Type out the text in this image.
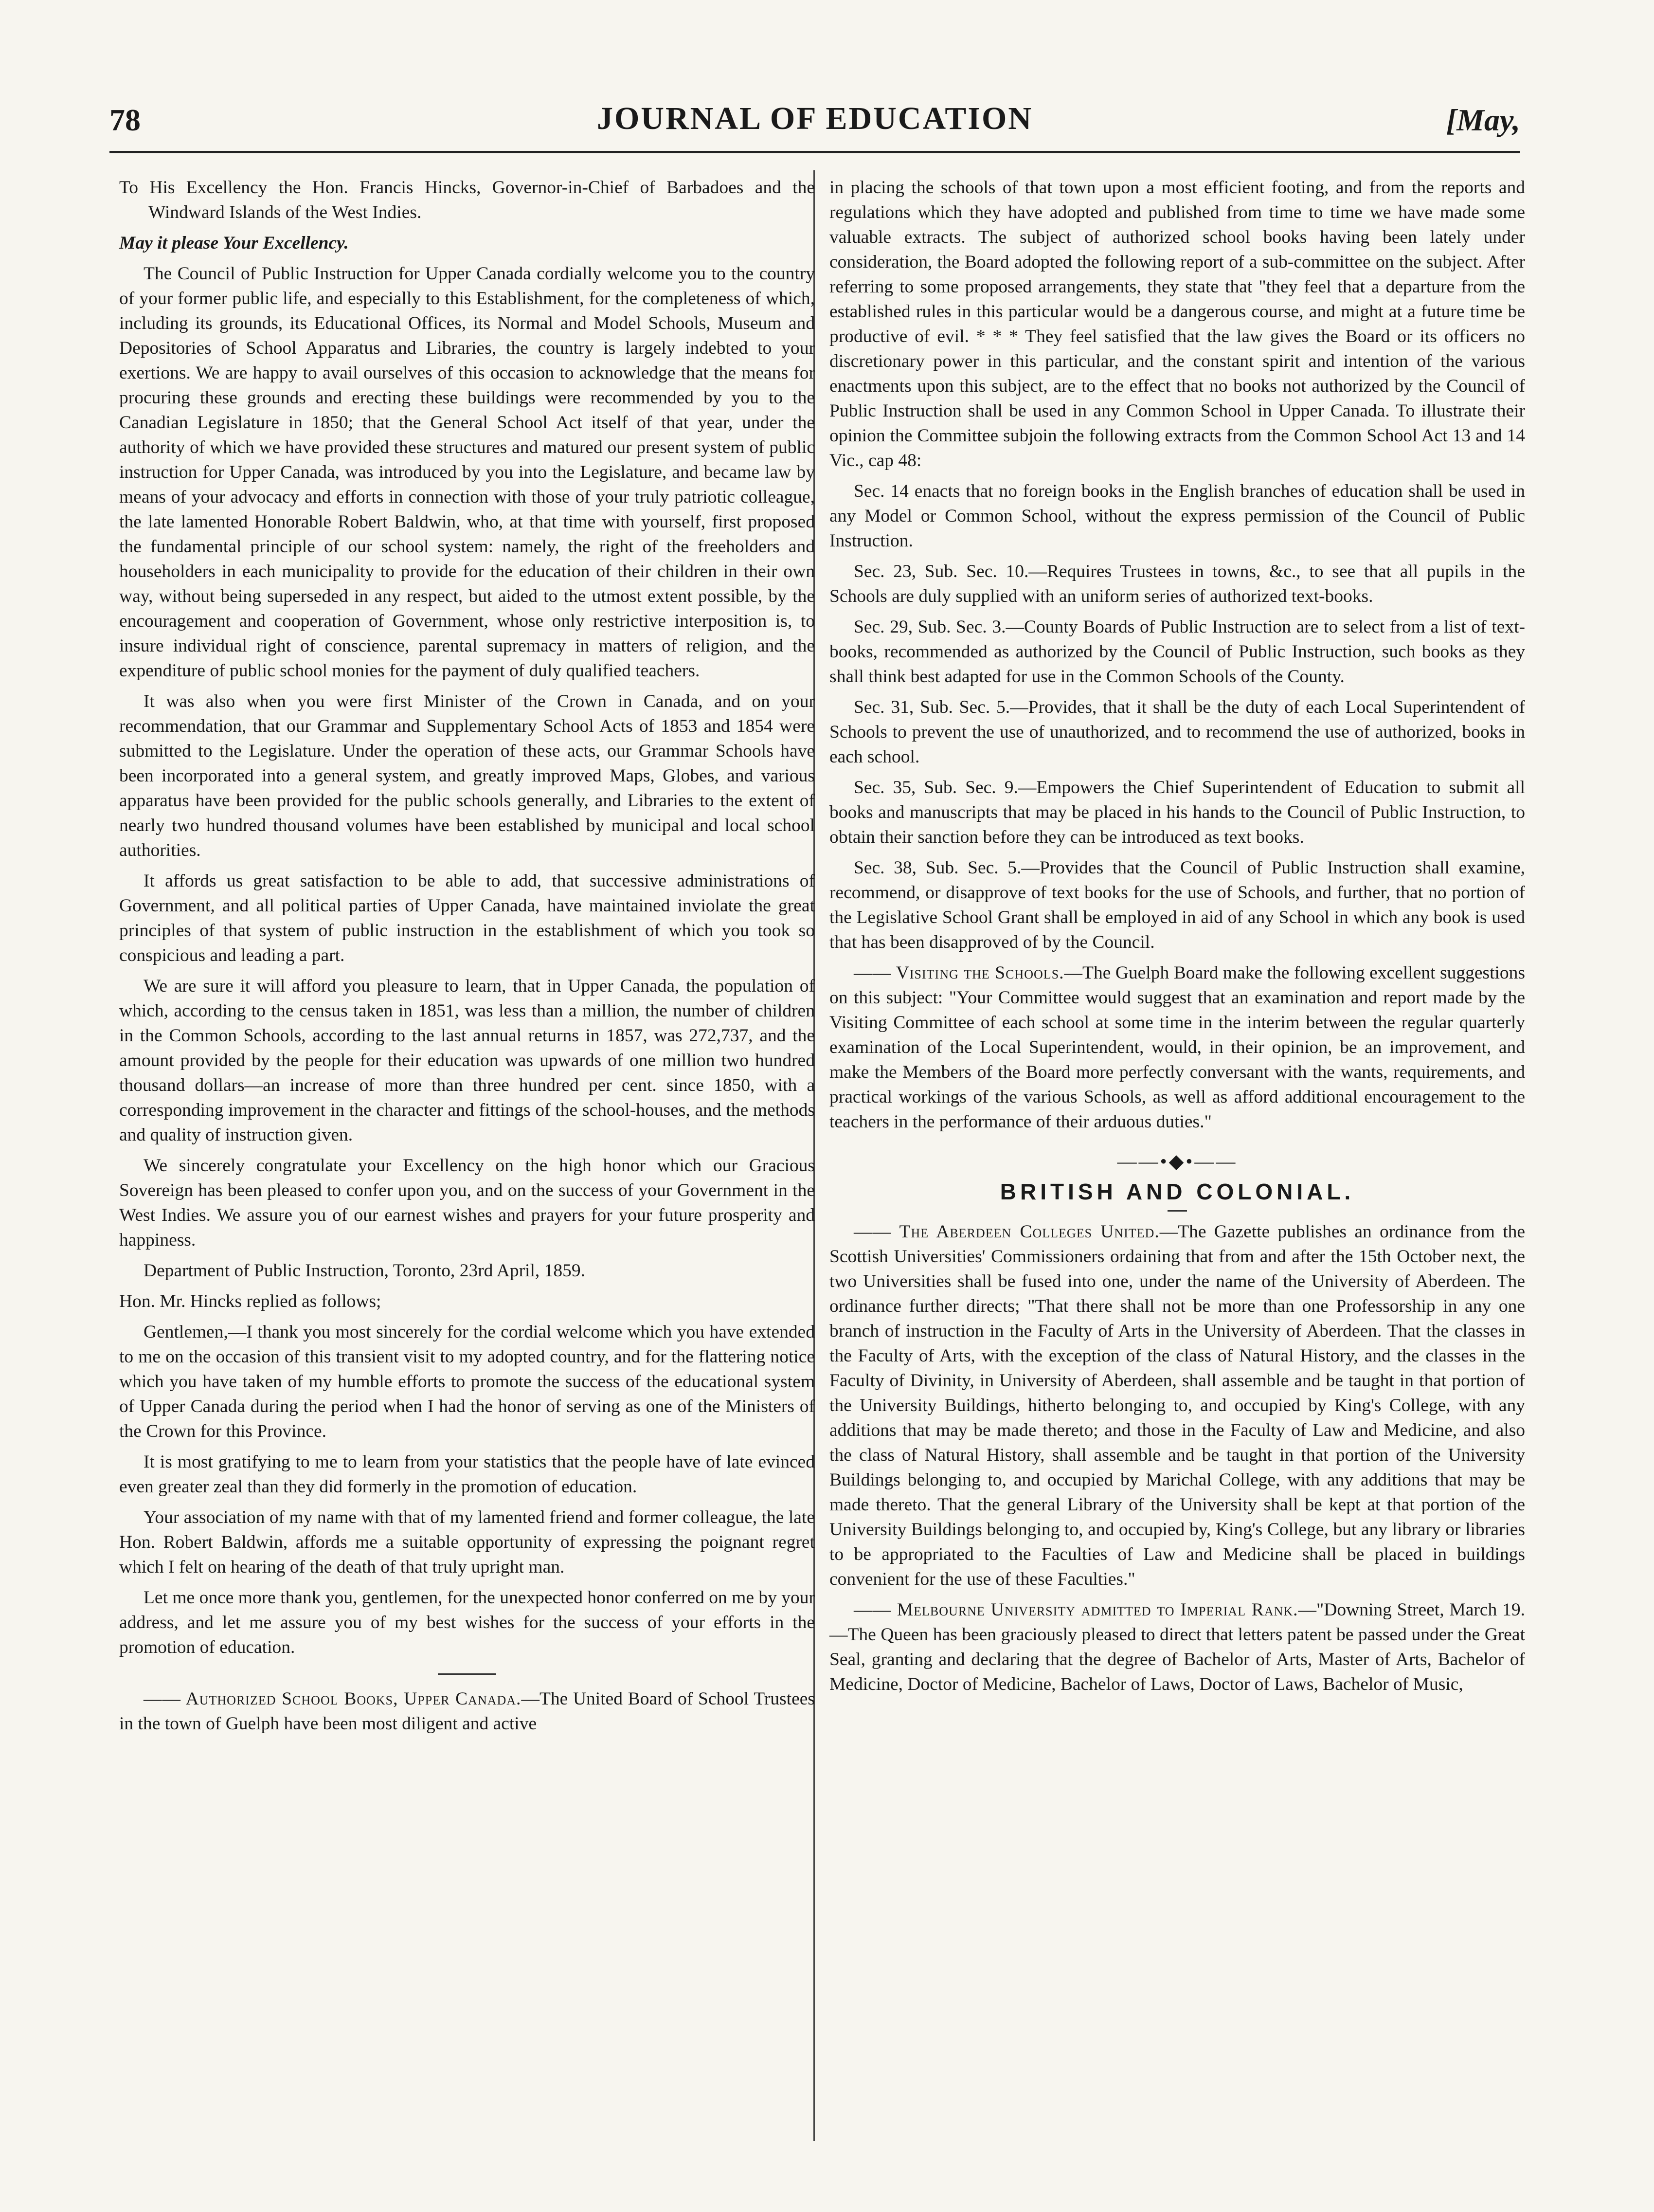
78	JOURNAL OF EDUCATION	[May,

To His Excellency the Hon. Francis Hincks, Governor-in-Chief of Barbadoes and the Windward Islands of the West Indies.

May it please Your Excellency.

The Council of Public Instruction for Upper Canada cordially welcome you to the country of your former public life, and especially to this Establishment, for the completeness of which, including its grounds, its Educational Offices, its Normal and Model Schools, Museum and Depositories of School Apparatus and Libraries, the country is largely indebted to your exertions. We are happy to avail ourselves of this occasion to acknowledge that the means for procuring these grounds and erecting these buildings were recommended by you to the Canadian Legislature in 1850; that the General School Act itself of that year, under the authority of which we have provided these structures and matured our present system of public instruction for Upper Canada, was introduced by you into the Legislature, and became law by means of your advocacy and efforts in connection with those of your truly patriotic colleague, the late lamented Honorable Robert Baldwin, who, at that time with yourself, first proposed the fundamental principle of our school system: namely, the right of the freeholders and householders in each municipality to provide for the education of their children in their own way, without being superseded in any respect, but aided to the utmost extent possible, by the encouragement and cooperation of Government, whose only restrictive interposition is, to insure individual right of conscience, parental supremacy in matters of religion, and the expenditure of public school monies for the payment of duly qualified teachers.

It was also when you were first Minister of the Crown in Canada, and on your recommendation, that our Grammar and Supplementary School Acts of 1853 and 1854 were submitted to the Legislature. Under the operation of these acts, our Grammar Schools have been incorporated into a general system, and greatly improved Maps, Globes, and various apparatus have been provided for the public schools generally, and Libraries to the extent of nearly two hundred thousand volumes have been established by municipal and local school authorities.

It affords us great satisfaction to be able to add, that successive administrations of Government, and all political parties of Upper Canada, have maintained inviolate the great principles of that system of public instruction in the establishment of which you took so conspicious and leading a part.

We are sure it will afford you pleasure to learn, that in Upper Canada, the population of which, according to the census taken in 1851, was less than a million, the number of children in the Common Schools, according to the last annual returns in 1857, was 272,737, and the amount provided by the people for their education was upwards of one million two hundred thousand dollars—an increase of more than three hundred per cent. since 1850, with a corresponding improvement in the character and fittings of the school-houses, and the methods and quality of instruction given.

We sincerely congratulate your Excellency on the high honor which our Gracious Sovereign has been pleased to confer upon you, and on the success of your Government in the West Indies. We assure you of our earnest wishes and prayers for your future prosperity and happiness.

Department of Public Instruction, Toronto, 23rd April, 1859.

Hon. Mr. Hincks replied as follows;

Gentlemen,—I thank you most sincerely for the cordial welcome which you have extended to me on the occasion of this transient visit to my adopted country, and for the flattering notice which you have taken of my humble efforts to promote the success of the educational system of Upper Canada during the period when I had the honor of serving as one of the Ministers of the Crown for this Province.

It is most gratifying to me to learn from your statistics that the people have of late evinced even greater zeal than they did formerly in the promotion of education.

Your association of my name with that of my lamented friend and former colleague, the late Hon. Robert Baldwin, affords me a suitable opportunity of expressing the poignant regret which I felt on hearing of the death of that truly upright man.

Let me once more thank you, gentlemen, for the unexpected honor conferred on me by your address, and let me assure you of my best wishes for the success of your efforts in the promotion of education.

—— Authorized School Books, Upper Canada.—The United Board of School Trustees in the town of Guelph have been most diligent and active

in placing the schools of that town upon a most efficient footing, and from the reports and regulations which they have adopted and published from time to time we have made some valuable extracts. The subject of authorized school books having been lately under consideration, the Board adopted the following report of a sub-committee on the subject. After referring to some proposed arrangements, they state that "they feel that a departure from the established rules in this particular would be a dangerous course, and might at a future time be productive of evil. * * * They feel satisfied that the law gives the Board or its officers no discretionary power in this particular, and the constant spirit and intention of the various enactments upon this subject, are to the effect that no books not authorized by the Council of Public Instruction shall be used in any Common School in Upper Canada. To illustrate their opinion the Committee subjoin the following extracts from the Common School Act 13 and 14 Vic., cap 48:

Sec. 14 enacts that no foreign books in the English branches of education shall be used in any Model or Common School, without the express permission of the Council of Public Instruction.

Sec. 23, Sub. Sec. 10.—Requires Trustees in towns, &c., to see that all pupils in the Schools are duly supplied with an uniform series of authorized text-books.

Sec. 29, Sub. Sec. 3.—County Boards of Public Instruction are to select from a list of text-books, recommended as authorized by the Council of Public Instruction, such books as they shall think best adapted for use in the Common Schools of the County.

Sec. 31, Sub. Sec. 5.—Provides, that it shall be the duty of each Local Superintendent of Schools to prevent the use of unauthorized, and to recommend the use of authorized, books in each school.

Sec. 35, Sub. Sec. 9.—Empowers the Chief Superintendent of Education to submit all books and manuscripts that may be placed in his hands to the Council of Public Instruction, to obtain their sanction before they can be introduced as text books.

Sec. 38, Sub. Sec. 5.—Provides that the Council of Public Instruction shall examine, recommend, or disapprove of text books for the use of Schools, and further, that no portion of the Legislative School Grant shall be employed in aid of any School in which any book is used that has been disapproved of by the Council.

—— Visiting the Schools.—The Guelph Board make the following excellent suggestions on this subject: "Your Committee would suggest that an examination and report made by the Visiting Committee of each school at some time in the interim between the regular quarterly examination of the Local Superintendent, would, in their opinion, be an improvement, and make the Members of the Board more perfectly conversant with the wants, requirements, and practical workings of the various Schools, as well as afford additional encouragement to the teachers in the performance of their arduous duties."

——•◆•——
BRITISH AND COLONIAL.

—— The Aberdeen Colleges United.—The Gazette publishes an ordinance from the Scottish Universities' Commissioners ordaining that from and after the 15th October next, the two Universities shall be fused into one, under the name of the University of Aberdeen. The ordinance further directs; "That there shall not be more than one Professorship in any one branch of instruction in the Faculty of Arts in the University of Aberdeen. That the classes in the Faculty of Arts, with the exception of the class of Natural History, and the classes in the Faculty of Divinity, in University of Aberdeen, shall assemble and be taught in that portion of the University Buildings, hitherto belonging to, and occupied by King's College, with any additions that may be made thereto; and those in the Faculty of Law and Medicine, and also the class of Natural History, shall assemble and be taught in that portion of the University Buildings belonging to, and occupied by Marichal College, with any additions that may be made thereto. That the general Library of the University shall be kept at that portion of the University Buildings belonging to, and occupied by, King's College, but any library or libraries to be appropriated to the Faculties of Law and Medicine shall be placed in buildings convenient for the use of these Faculties."

—— Melbourne University admitted to Imperial Rank.—"Downing Street, March 19.—The Queen has been graciously pleased to direct that letters patent be passed under the Great Seal, granting and declaring that the degree of Bachelor of Arts, Master of Arts, Bachelor of Medicine, Doctor of Medicine, Bachelor of Laws, Doctor of Laws, Bachelor of Music,
